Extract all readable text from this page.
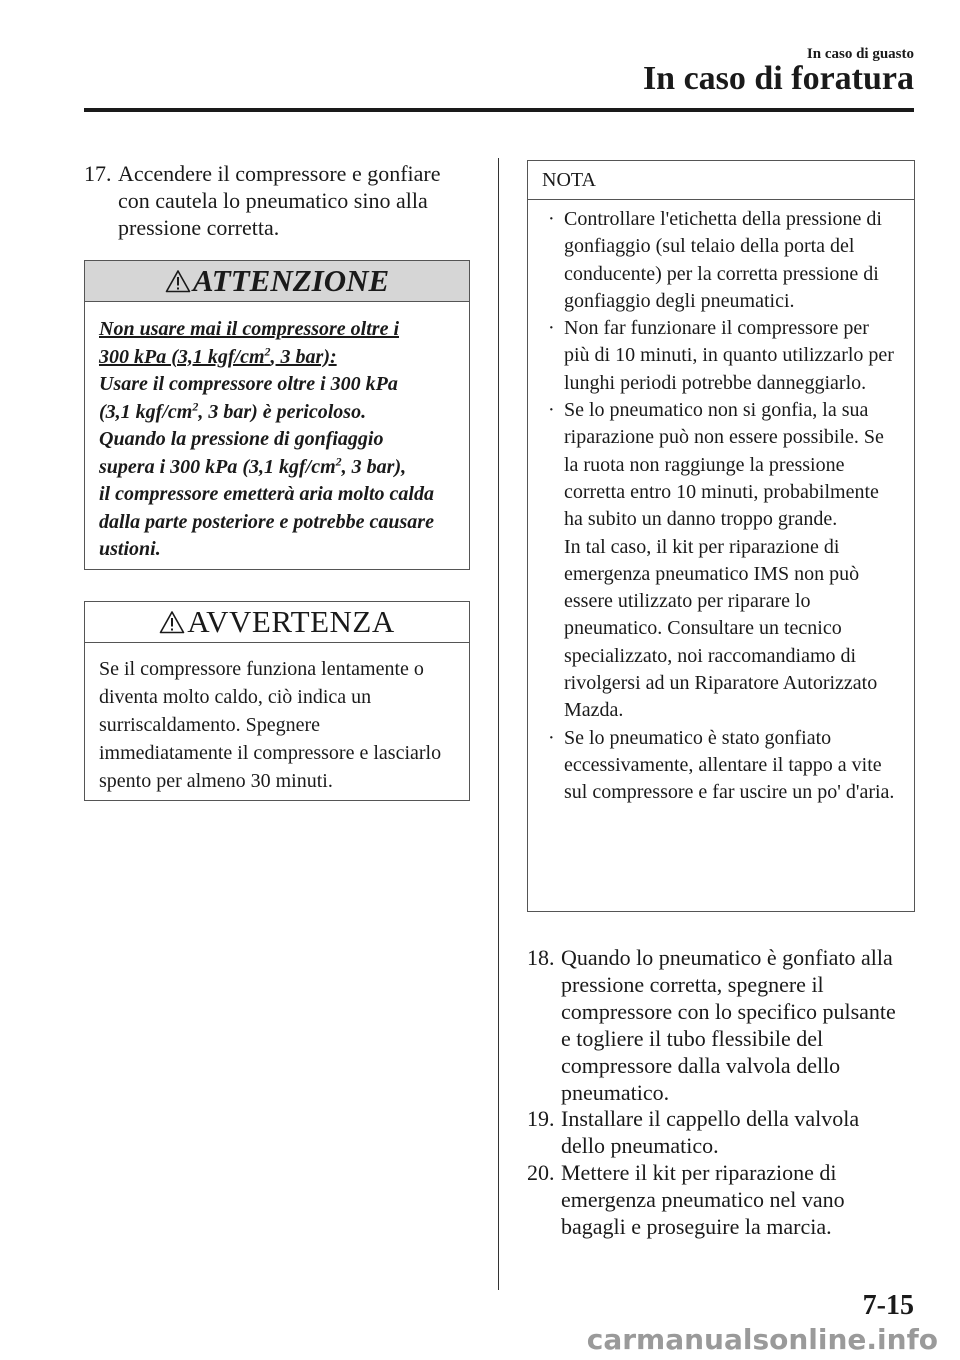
In caso di guasto
In caso di foratura
17. Accendere il compressore e gonfiare con cautela lo pneumatico sino alla pressione corretta.
ATTENZIONE
Non usare mai il compressore oltre i
300 kPa (3,1 kgf/$cm^2$, 3 bar):
Usare il compressore oltre i 300 kPa
(3,1 kgf/$cm^2$, 3 bar) è pericoloso.
Quando la pressione di gonfiaggio
supera i 300 kPa (3,1 kgf/$cm^2$, 3 bar),
il compressore emetterà aria molto calda dalla parte posteriore e potrebbe causare ustioni.
AVVERTENZA
Se il compressore funziona lentamente o diventa molto caldo, ciò indica un surriscaldamento. Spegnere immediatamente il compressore e lasciarlo spento per almeno 30 minuti.
NOTA
· Controllare l'etichetta della pressione di gonfiaggio (sul telaio della porta del conducente) per la corretta pressione di gonfiaggio degli pneumatici.
· Non far funzionare il compressore per più di 10 minuti, in quanto utilizzarlo per lunghi periodi potrebbe danneggiarlo.
· Se lo pneumatico non si gonfia, la sua riparazione può non essere possibile. Se la ruota non raggiunge la pressione corretta entro 10 minuti, probabilmente ha subito un danno troppo grande.
In tal caso, il kit per riparazione di emergenza pneumatico IMS non può essere utilizzato per riparare lo pneumatico. Consultare un tecnico specializzato, noi raccomandiamo di rivolgersi ad un Riparatore Autorizzato Mazda.
· Se lo pneumatico è stato gonfiato eccessivamente, allentare il tappo a vite sul compressore e far uscire un po' d'aria.
18. Quando lo pneumatico è gonfiato alla pressione corretta, spegnere il compressore con lo specifico pulsante e togliere il tubo flessibile del compressore dalla valvola dello pneumatico.
19. Installare il cappello della valvola dello pneumatico.
20. Mettere il kit per riparazione di emergenza pneumatico nel vano bagagli e proseguire la marcia.
7-15
carmanualsonline.info
